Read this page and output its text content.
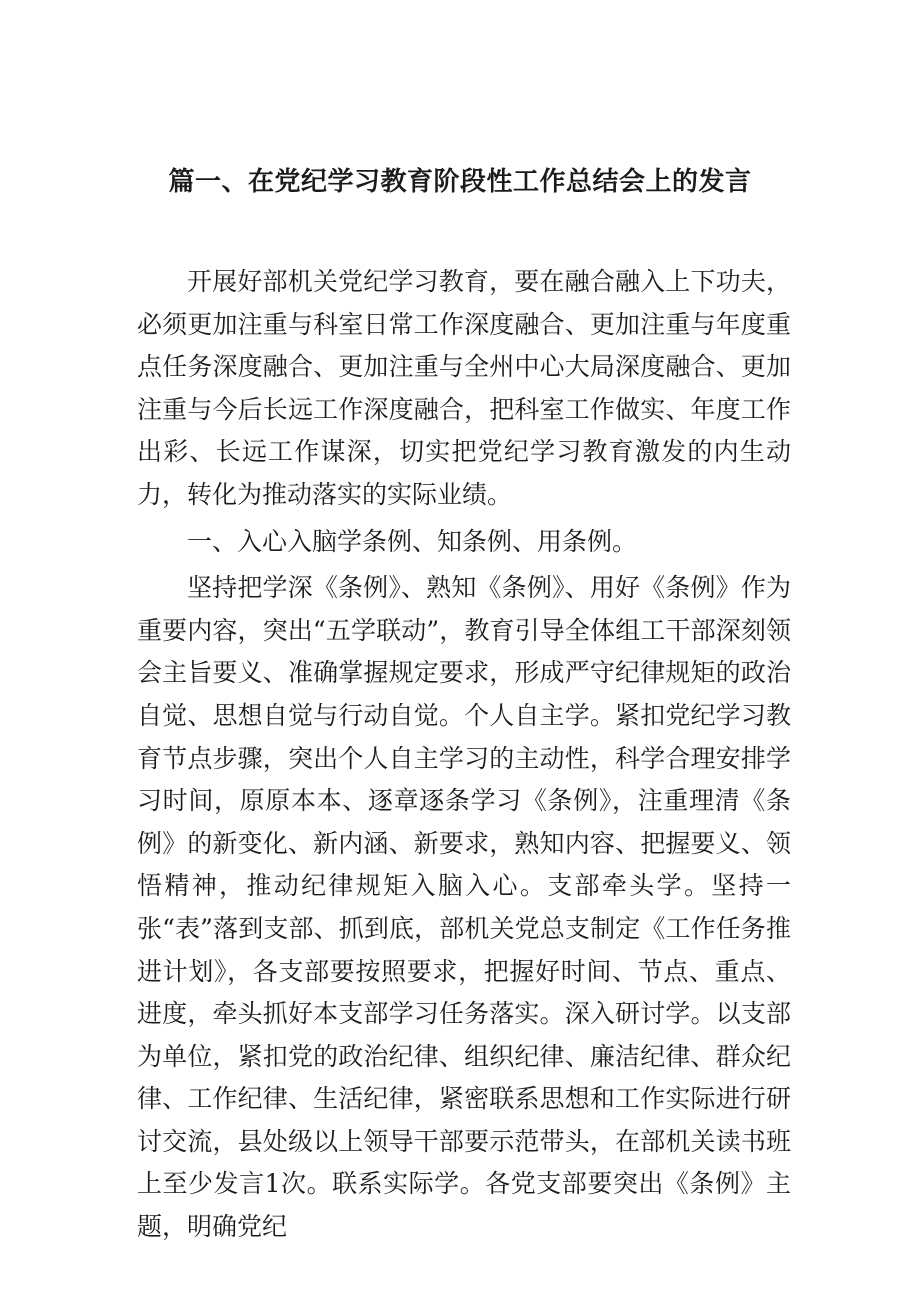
篇一、在党纪学习教育阶段性工作总结会上的发言

开展好部机关党纪学习教育，要在融合融入上下功夫，必须更加注重与科室日常工作深度融合、更加注重与年度重点任务深度融合、更加注重与全州中心大局深度融合、更加注重与今后长远工作深度融合，把科室工作做实、年度工作出彩、长远工作谋深，切实把党纪学习教育激发的内生动力，转化为推动落实的实际业绩。

一、入心入脑学条例、知条例、用条例。

坚持把学深《条例》、熟知《条例》、用好《条例》作为重要内容，突出“五学联动”，教育引导全体组工干部深刻领会主旨要义、准确掌握规定要求，形成严守纪律规矩的政治自觉、思想自觉与行动自觉。个人自主学。紧扣党纪学习教育节点步骤，突出个人自主学习的主动性，科学合理安排学习时间，原原本本、逐章逐条学习《条例》，注重理清《条例》的新变化、新内涵、新要求，熟知内容、把握要义、领悟精神，推动纪律规矩入脑入心。支部牵头学。坚持一张“表”落到支部、抓到底，部机关党总支制定《工作任务推进计划》，各支部要按照要求，把握好时间、节点、重点、进度，牵头抓好本支部学习任务落实。深入研讨学。以支部为单位，紧扣党的政治纪律、组织纪律、廉洁纪律、群众纪律、工作纪律、生活纪律，紧密联系思想和工作实际进行研讨交流，县处级以上领导干部要示范带头，在部机关读书班上至少发言1次。联系实际学。各党支部要突出《条例》主题，明确党纪
